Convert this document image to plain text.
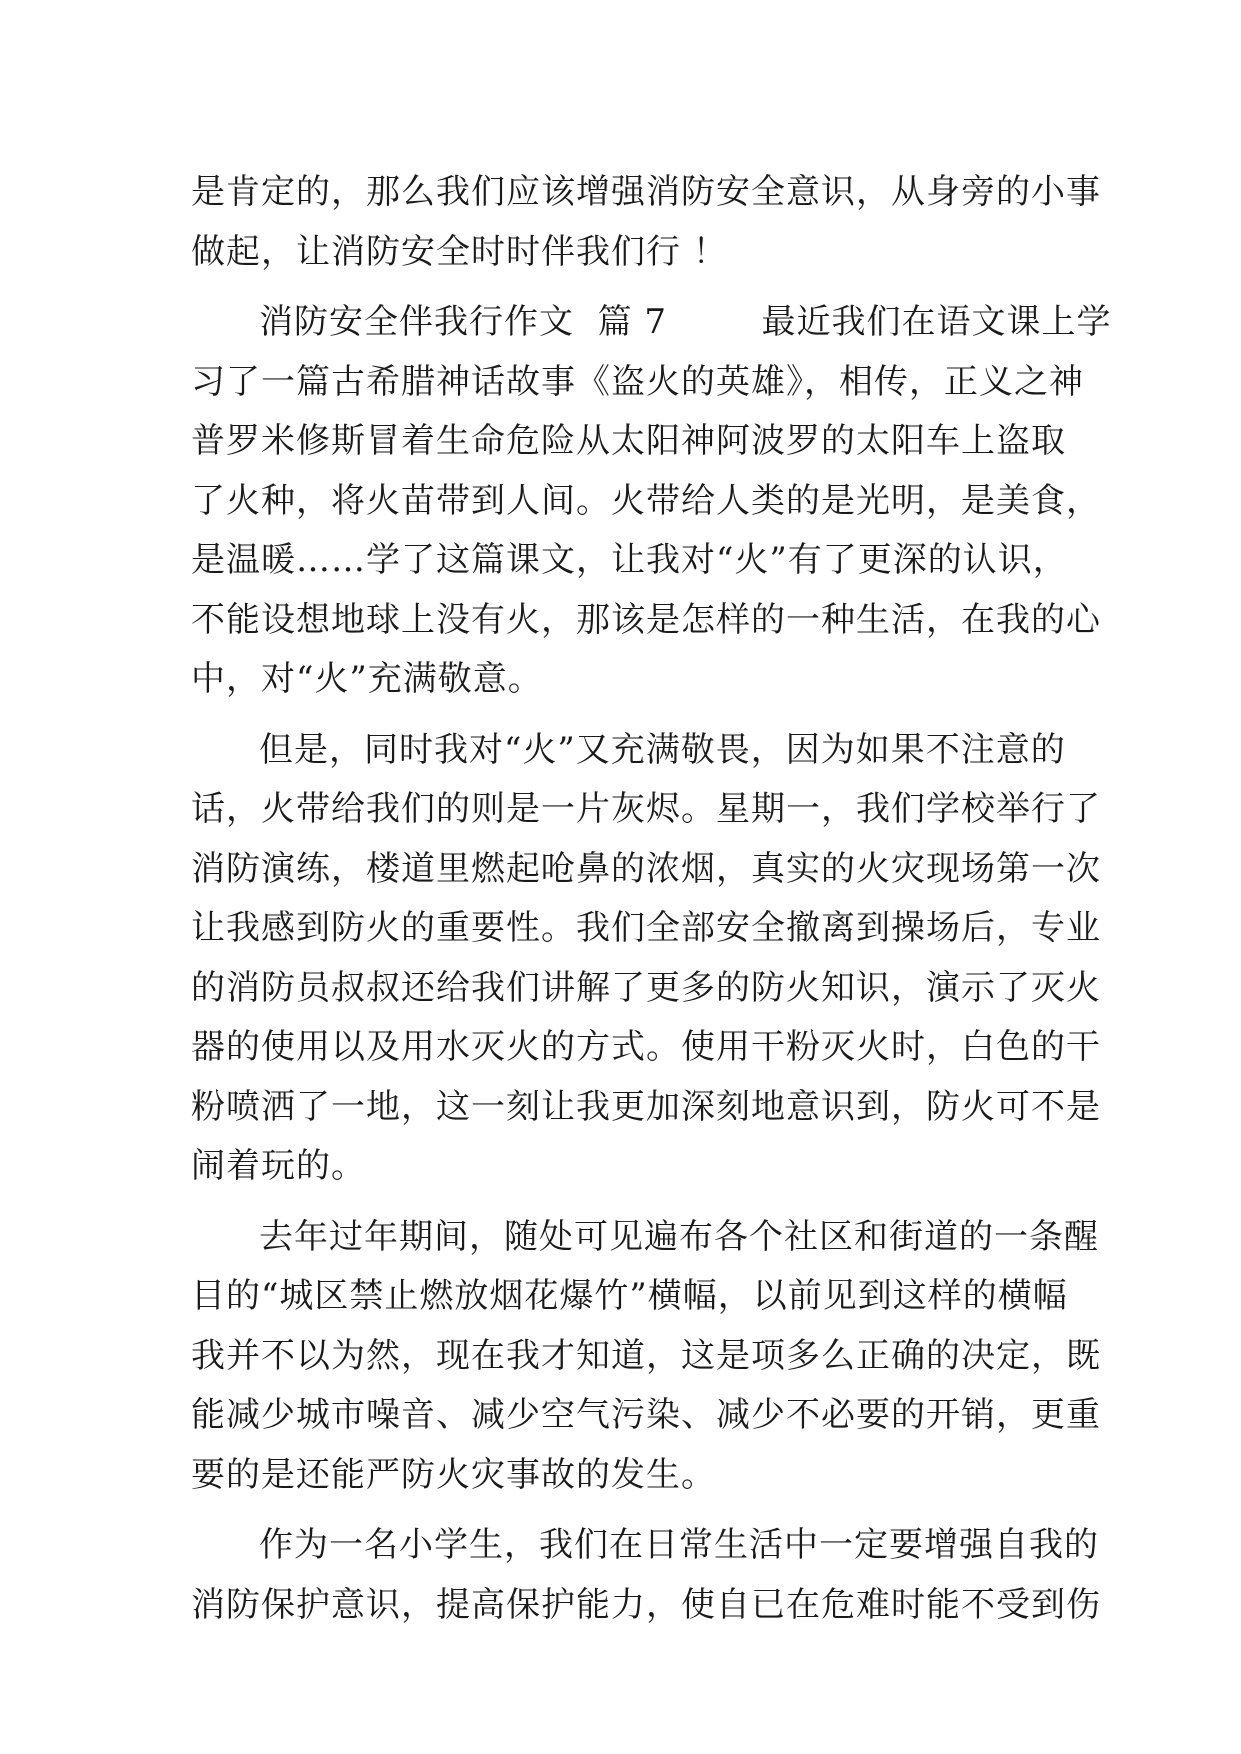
是肯定的，那么我们应该增强消防安全意识，从身旁的小事
做起，让消防安全时时伴我们行 ！
消防安全伴我行作文  篇 7        最近我们在语文课上学
习了一篇古希腊神话故事《盗火的英雄》，相传，正义之神
普罗米修斯冒着生命危险从太阳神阿波罗的太阳车上盗取
了火种，将火苗带到人间。火带给人类的是光明，是美食，
是温暖……学了这篇课文，让我对“火”有了更深的认识，
不能设想地球上没有火，那该是怎样的一种生活，在我的心
中，对“火”充满敬意。
但是，同时我对“火”又充满敬畏，因为如果不注意的
话，火带给我们的则是一片灰烬。星期一，我们学校举行了
消防演练，楼道里燃起呛鼻的浓烟，真实的火灾现场第一次
让我感到防火的重要性。我们全部安全撤离到操场后，专业
的消防员叔叔还给我们讲解了更多的防火知识，演示了灭火
器的使用以及用水灭火的方式。使用干粉灭火时，白色的干
粉喷洒了一地，这一刻让我更加深刻地意识到，防火可不是
闹着玩的。
去年过年期间，随处可见遍布各个社区和街道的一条醒
目的“城区禁止燃放烟花爆竹”横幅，以前见到这样的横幅
我并不以为然，现在我才知道，这是项多么正确的决定，既
能减少城市噪音、减少空气污染、减少不必要的开销，更重
要的是还能严防火灾事故的发生。
作为一名小学生，我们在日常生活中一定要增强自我的
消防保护意识，提高保护能力，使自已在危难时能不受到伤
